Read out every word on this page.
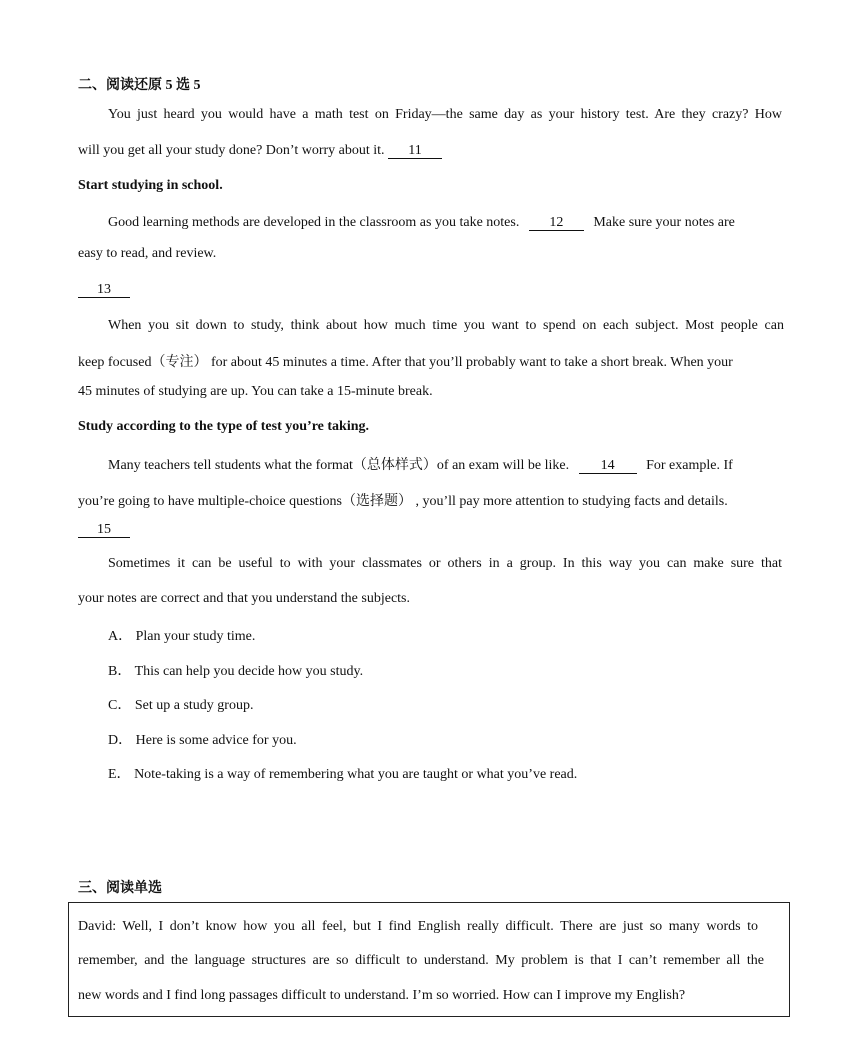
二、阅读还原 5 选 5
You just heard you would have a math test on Friday—the same day as your history test. Are they crazy? How
will you get all your study done? Don’t worry about it. 11
Start studying in school.
Good learning methods are developed in the classroom as you take notes. 12 Make sure your notes are
easy to read, and review.
13
When you sit down to study, think about how much time you want to spend on each subject. Most people can
keep focused（专注） for about 45 minutes a time. After that you’ll probably want to take a short break. When your
45 minutes of studying are up. You can take a 15-minute break.
Study according to the type of test you’re taking.
Many teachers tell students what the format（总体样式）of an exam will be like. 14 For example. If
you’re going to have multiple-choice questions（选择题） , you’ll pay more attention to studying facts and details.
15
Sometimes it can be useful to with your classmates or others in a group. In this way you can make sure that
your notes are correct and that you understand the subjects.
A． Plan your study time.
B． This can help you decide how you study.
C． Set up a study group.
D． Here is some advice for you.
E． Note-taking is a way of remembering what you are taught or what you’ve read.
三、阅读单选
David: Well, I don’t know how you all feel, but I find English really difficult. There are just so many words to
remember, and the language structures are so difficult to understand. My problem is that I can’t remember all the
new words and I find long passages difficult to understand. I’m so worried. How can I improve my English?
